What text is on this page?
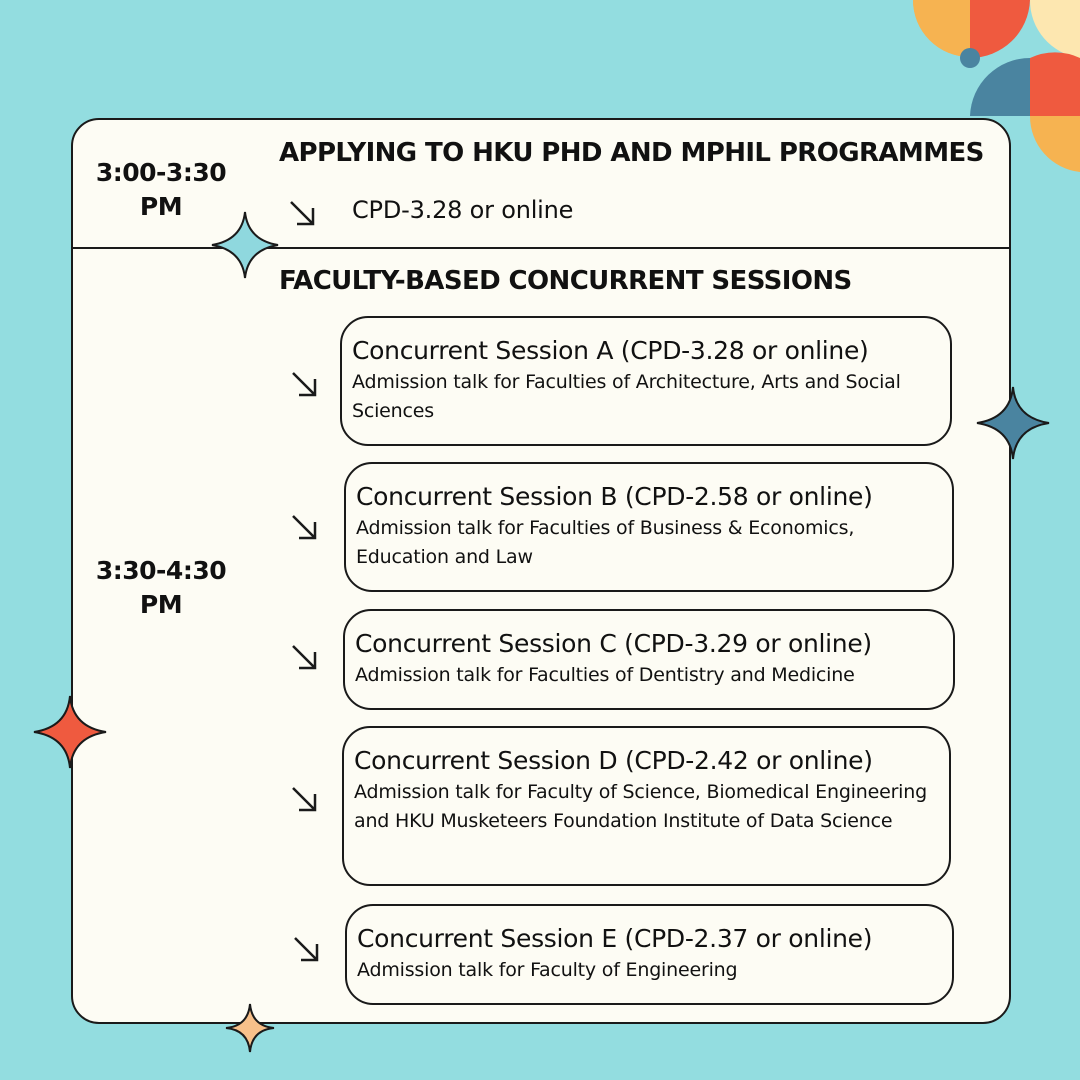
3:00-3:30 PM
APPLYING TO HKU PHD AND MPHIL PROGRAMMES
CPD-3.28 or online
3:30-4:30 PM
FACULTY-BASED CONCURRENT SESSIONS
Concurrent Session A (CPD-3.28 or online)
Admission talk for Faculties of Architecture, Arts and Social Sciences
Concurrent Session B (CPD-2.58 or online)
Admission talk for Faculties of Business & Economics, Education and Law
Concurrent Session C (CPD-3.29 or online)
Admission talk for Faculties of Dentistry and Medicine
Concurrent Session D (CPD-2.42 or online)
Admission talk for Faculty of Science, Biomedical Engineering and HKU Musketeers Foundation Institute of Data Science
Concurrent Session E (CPD-2.37 or online)
Admission talk for Faculty of Engineering
